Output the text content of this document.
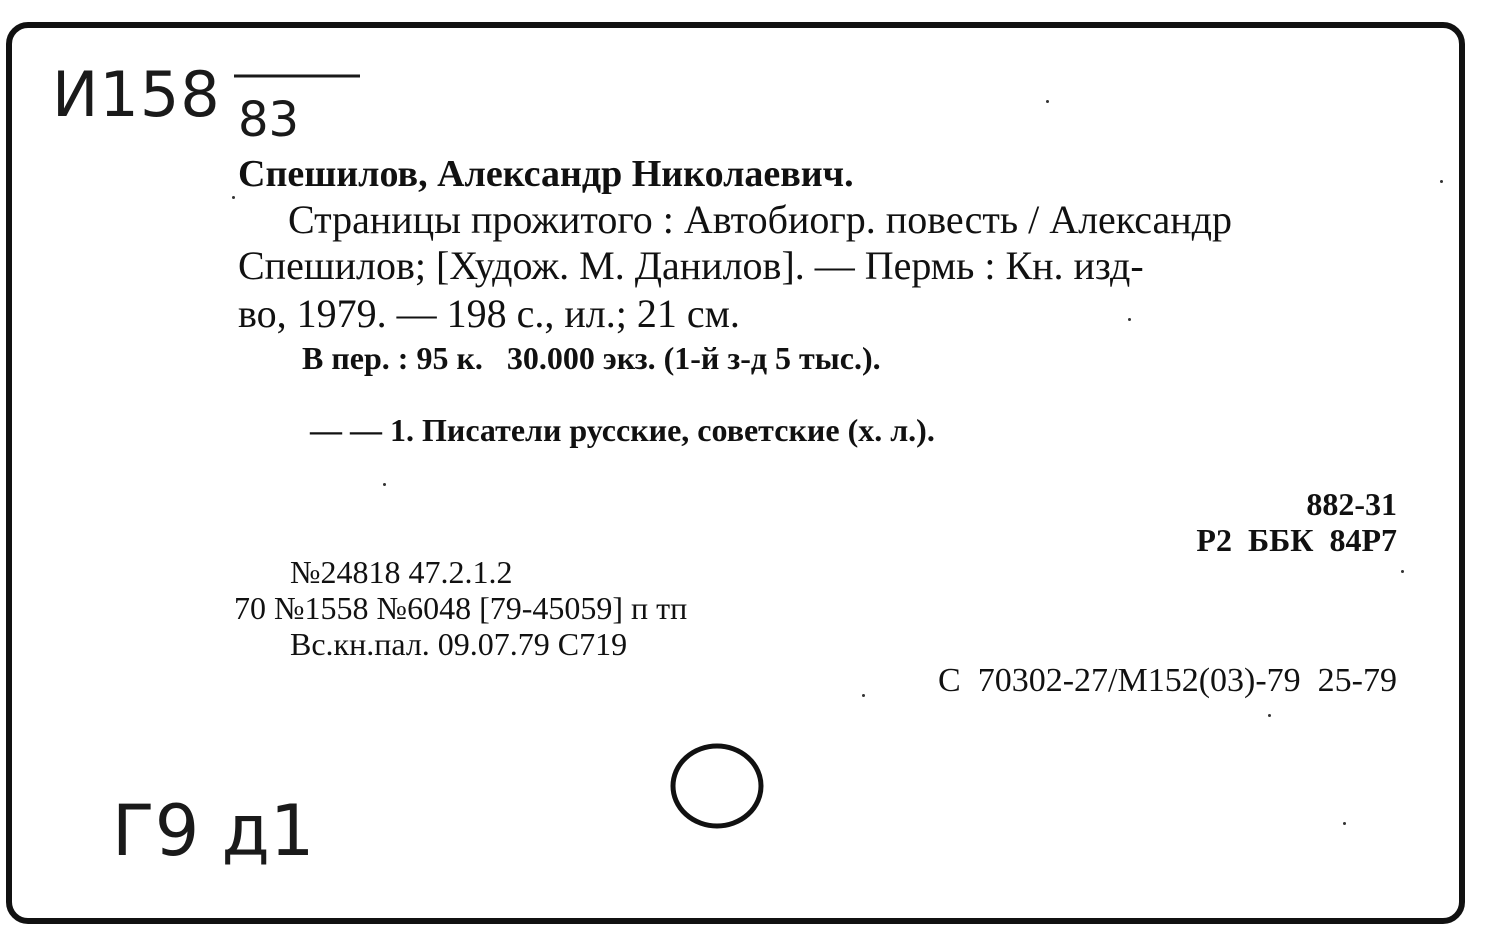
И158 83
Спешилов, Александр Николаевич.
Страницы прожитого : Автобиогр. повесть / Александр
Спешилов; [Худож. М. Данилов]. — Пермь : Кн. изд-
во, 1979. — 198 с., ил.; 21 см.
В пер. : 95 к.   30.000 экз. (1-й з-д 5 тыс.).
— — 1. Писатели русские, советские (х. л.).
882-31
Р2  ББК  84Р7
№24818 47.2.1.2
70 №1558 №6048 [79-45059] п тп
Вс.кн.пал. 09.07.79 С719
С  70302-27/М152(03)-79  25-79
Г9 д1
